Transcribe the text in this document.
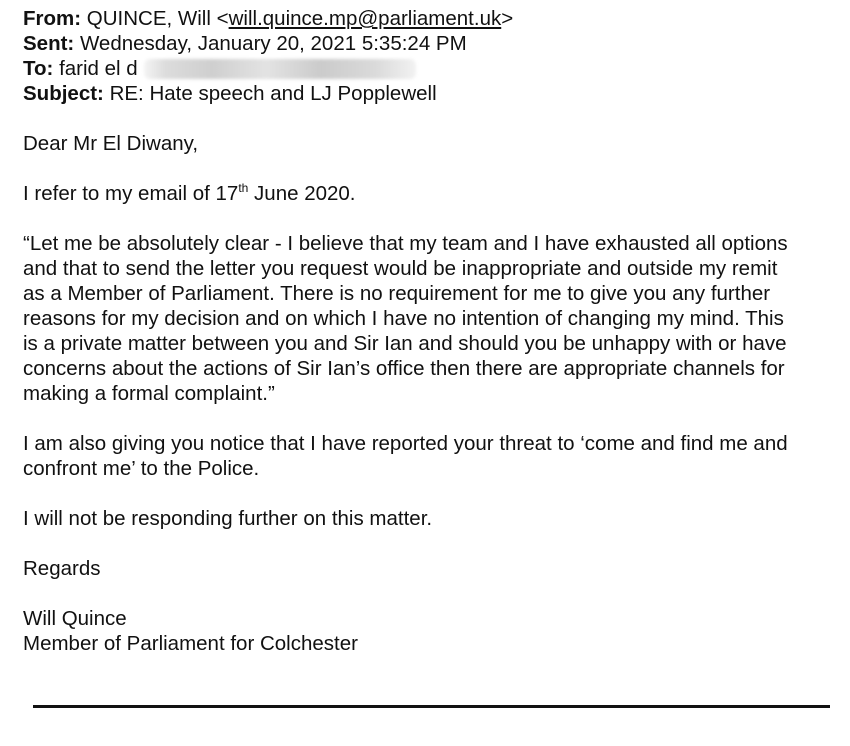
From: QUINCE, Will <will.quince.mp@parliament.uk>
Sent: Wednesday, January 20, 2021 5:35:24 PM
To: farid el d
Subject: RE: Hate speech and LJ Popplewell

Dear Mr El Diwany,

I refer to my email of 17th June 2020.

“Let me be absolutely clear - I believe that my team and I have exhausted all options
and that to send the letter you request would be inappropriate and outside my remit
as a Member of Parliament. There is no requirement for me to give you any further
reasons for my decision and on which I have no intention of changing my mind. This
is a private matter between you and Sir Ian and should you be unhappy with or have
concerns about the actions of Sir Ian’s office then there are appropriate channels for
making a formal complaint.”
I am also giving you notice that I have reported your threat to ‘come and find me and
confront me’ to the Police.

I will not be responding further on this matter.

Regards

Will Quince
Member of Parliament for Colchester
